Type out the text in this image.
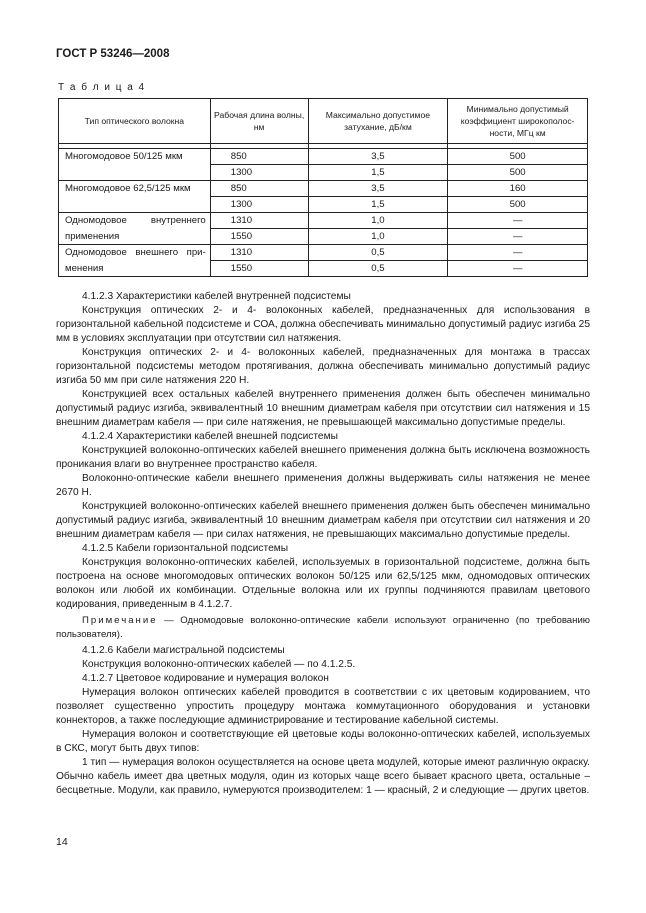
ГОСТ Р 53246—2008
Т а б л и ц а 4
Тип оптического волокна	Рабочая длина волны, нм	Максимально допустимое затухание, дБ/км	Минимально допустимый коэффициент широкополос- ности, МГц км

Многомодовое 50/125 мкм	850	3,5	500
	1300	1,5	500
Многомодовое 62,5/125 мкм	850	3,5	160
	1300	1,5	500
Одномодовое внутреннего	1310	1,0	—
применения	1550	1,0	—
Одномодовое внешнего при-	1310	0,5	—
менения	1550	0,5	—

4.1.2.3 Характеристики кабелей внутренней подсистемы

Конструкция оптических 2- и 4- волоконных кабелей, предназначенных для использования в горизонтальной кабельной подсистеме и СОА, должна обеспечивать минимально допустимый радиус изгиба 25 мм в условиях эксплуатации при отсутствии сил натяжения.

Конструкция оптических 2- и 4- волоконных кабелей, предназначенных для монтажа в трассах горизонтальной подсистемы методом протягивания, должна обеспечивать минимально допустимый радиус изгиба 50 мм при силе натяжения 220 Н.

Конструкцией всех остальных кабелей внутреннего применения должен быть обеспечен минимально допустимый радиус изгиба, эквивалентный 10 внешним диаметрам кабеля при отсутствии сил натяжения и 15 внешним диаметрам кабеля — при силе натяжения, не превышающей максимально допустимые пределы.

4.1.2.4 Характеристики кабелей внешней подсистемы

Конструкцией волоконно-оптических кабелей внешнего применения должна быть исключена возможность проникания влаги во внутреннее пространство кабеля.

Волоконно-оптические кабели внешнего применения должны выдерживать силы натяжения не менее 2670 Н.

Конструкцией волоконно-оптических кабелей внешнего применения должен быть обеспечен минимально допустимый радиус изгиба, эквивалентный 10 внешним диаметрам кабеля при отсутствии сил натяжения и 20 внешним диаметрам кабеля — при силах натяжения, не превышающих максимально допустимые пределы.

4.1.2.5 Кабели горизонтальной подсистемы

Конструкция волоконно-оптических кабелей, используемых в горизонтальной подсистеме, должна быть построена на основе многомодовых оптических волокон 50/125 или 62,5/125 мкм, одномодовых оптических волокон или любой их комбинации. Отдельные волокна или их группы подчиняются правилам цветового кодирования, приведенным в 4.1.2.7.

Примечание — Одномодовые волоконно-оптические кабели используют ограниченно (по требованию пользователя).

4.1.2.6 Кабели магистральной подсистемы

Конструкция волоконно-оптических кабелей — по 4.1.2.5.

4.1.2.7 Цветовое кодирование и нумерация волокон

Нумерация волокон оптических кабелей проводится в соответствии с их цветовым кодированием, что позволяет существенно упростить процедуру монтажа коммутационного оборудования и установки коннекторов, а также последующие администрирование и тестирование кабельной системы.

Нумерация волокон и соответствующие ей цветовые коды волоконно-оптических кабелей, используемых в СКС, могут быть двух типов:

1 тип — нумерация волокон осуществляется на основе цвета модулей, которые имеют различную окраску. Обычно кабель имеет два цветных модуля, один из которых чаще всего бывает красного цвета, остальные – бесцветные. Модули, как правило, нумеруются производителем: 1 — красный, 2 и следующие — других цветов.

14
